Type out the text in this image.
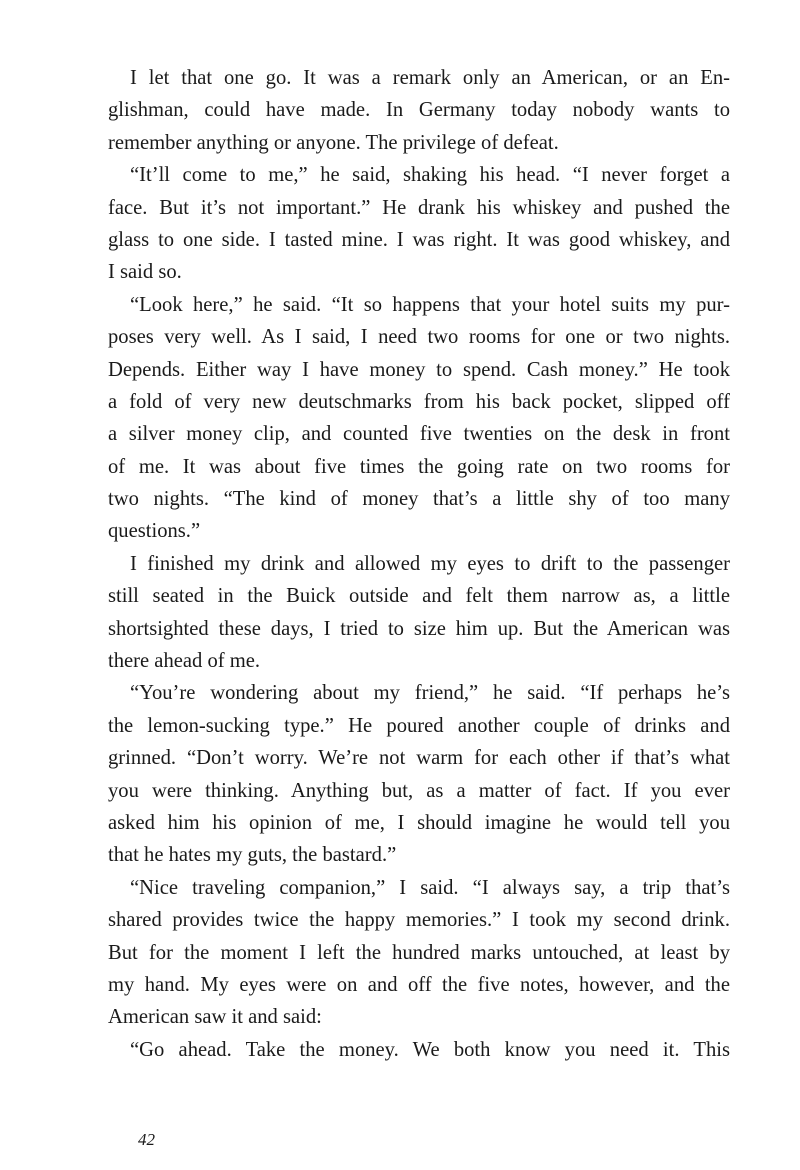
I let that one go. It was a remark only an American, or an En-
glishman, could have made. In Germany today nobody wants to
remember anything or anyone. The privilege of defeat.
“It’ll come to me,” he said, shaking his head. “I never forget a
face. But it’s not important.” He drank his whiskey and pushed the
glass to one side. I tasted mine. I was right. It was good whiskey, and
I said so.
“Look here,” he said. “It so happens that your hotel suits my pur-
poses very well. As I said, I need two rooms for one or two nights.
Depends. Either way I have money to spend. Cash money.” He took
a fold of very new deutschmarks from his back pocket, slipped off
a silver money clip, and counted five twenties on the desk in front
of me. It was about five times the going rate on two rooms for
two nights. “The kind of money that’s a little shy of too many
questions.”
I finished my drink and allowed my eyes to drift to the passenger
still seated in the Buick outside and felt them narrow as, a little
shortsighted these days, I tried to size him up. But the American was
there ahead of me.
“You’re wondering about my friend,” he said. “If perhaps he’s
the lemon-sucking type.” He poured another couple of drinks and
grinned. “Don’t worry. We’re not warm for each other if that’s what
you were thinking. Anything but, as a matter of fact. If you ever
asked him his opinion of me, I should imagine he would tell you
that he hates my guts, the bastard.”
“Nice traveling companion,” I said. “I always say, a trip that’s
shared provides twice the happy memories.” I took my second drink.
But for the moment I left the hundred marks untouched, at least by
my hand. My eyes were on and off the five notes, however, and the
American saw it and said:
“Go ahead. Take the money. We both know you need it. This
42
